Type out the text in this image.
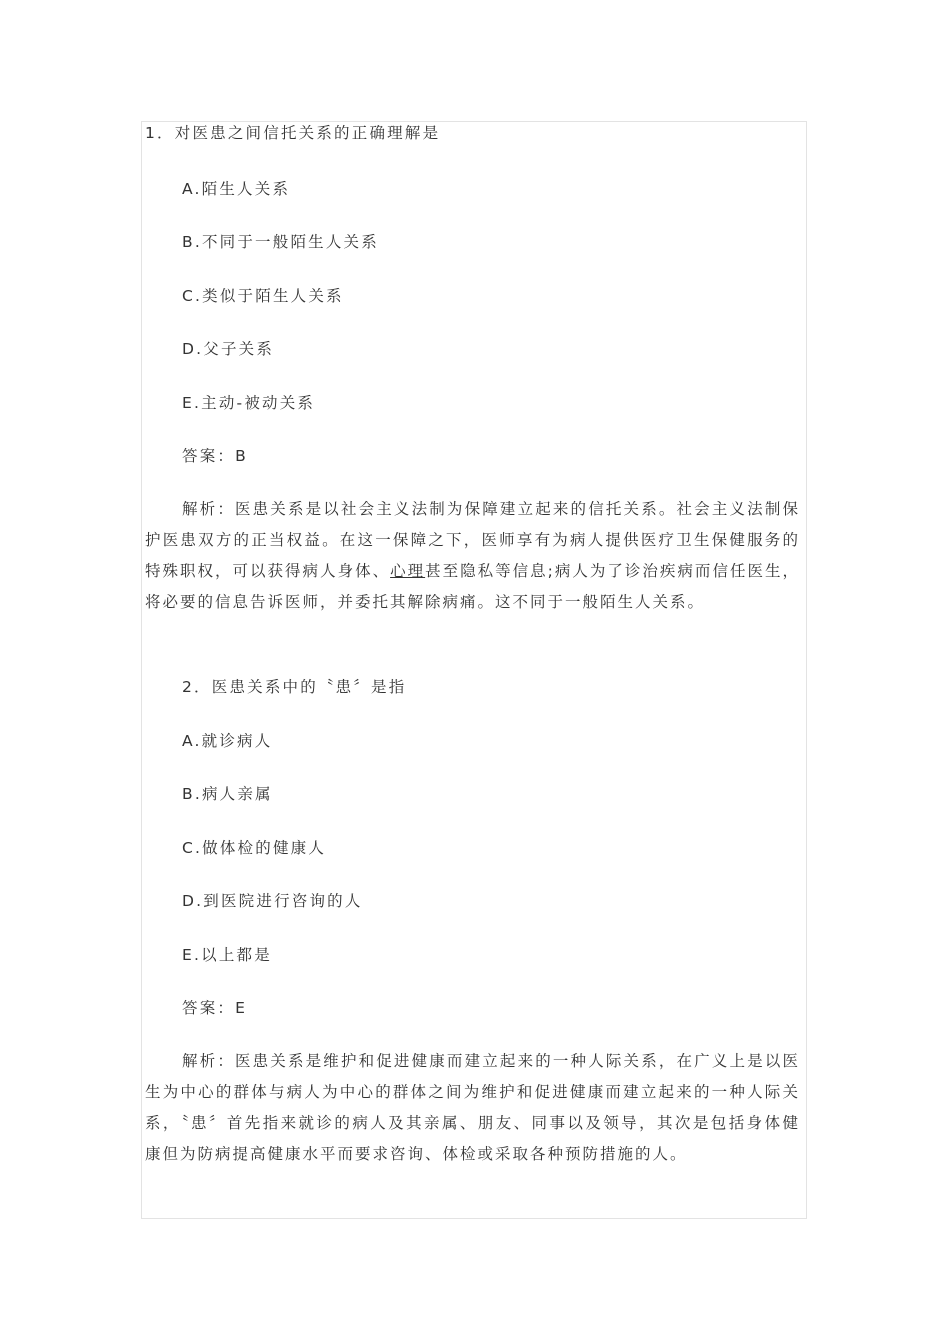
1．对医患之间信托关系的正确理解是
A.陌生人关系
B.不同于一般陌生人关系
C.类似于陌生人关系
D.父子关系
E.主动-被动关系
答案：B
解析：医患关系是以社会主义法制为保障建立起来的信托关系。社会主义法制保护医患双方的正当权益。在这一保障之下，医师享有为病人提供医疗卫生保健服务的特殊职权，可以获得病人身体、心理甚至隐私等信息;病人为了诊治疾病而信任医生，将必要的信息告诉医师，并委托其解除病痛。这不同于一般陌生人关系。
2．医患关系中的〝患〞是指
A.就诊病人
B.病人亲属
C.做体检的健康人
D.到医院进行咨询的人
E.以上都是
答案：E
解析：医患关系是维护和促进健康而建立起来的一种人际关系，在广义上是以医生为中心的群体与病人为中心的群体之间为维护和促进健康而建立起来的一种人际关系，〝患〞首先指来就诊的病人及其亲属、朋友、同事以及领导，其次是包括身体健康但为防病提高健康水平而要求咨询、体检或采取各种预防措施的人。
